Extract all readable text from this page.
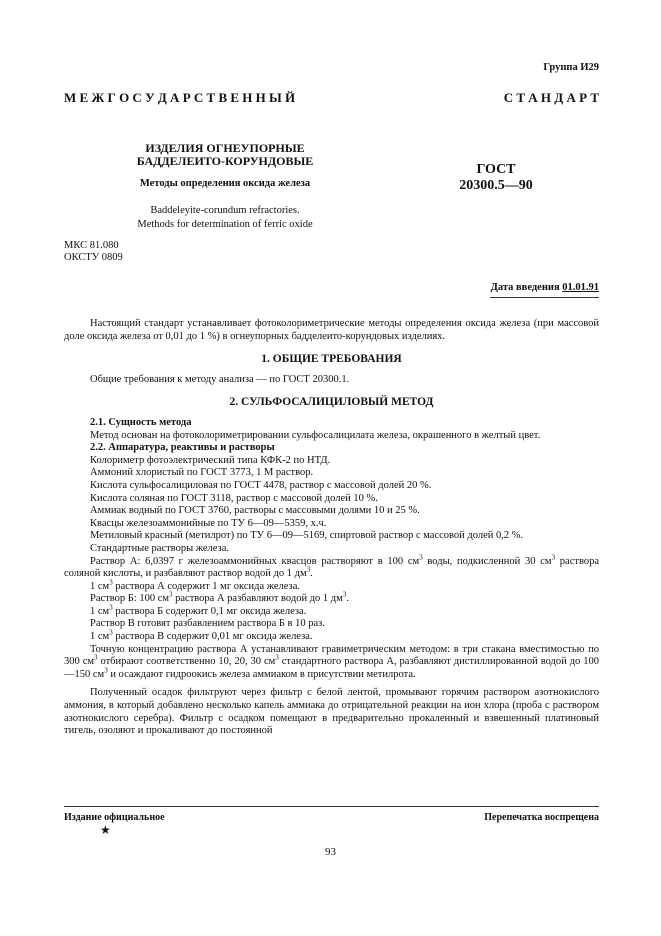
Группа И29
М Е Ж Г О С У Д А Р С Т В Е Н Н Ы Й	С Т А Н Д А Р Т
ИЗДЕЛИЯ ОГНЕУПОРНЫЕ
БАДДЕЛЕИТО-КОРУНДОВЫЕ
Методы определения оксида железа
Baddeleyite-corundum refractories.
Methods for determination of ferric oxide
ГОСТ
20300.5—90
МКС 81.080
ОКСТУ 0809
Дата введения 01.01.91

Настоящий стандарт устанавливает фотоколориметрические методы определения оксида железа (при массовой доле оксида железа от 0,01 до 1 %) в огнеупорных бадделеито-корундовых изделиях.

1. ОБЩИЕ ТРЕБОВАНИЯ

Общие требования к методу анализа — по ГОСТ 20300.1.

2. СУЛЬФОСАЛИЦИЛОВЫЙ МЕТОД

2.1. Сущность метода

Метод основан на фотоколориметрировании сульфосалицилата железа, окрашенного в желтый цвет.

2.2. Аппаратура, реактивы и растворы

Колориметр фотоэлектрический типа КФК-2 по НТД.

Аммоний хлористый по ГОСТ 3773, 1 М раствор.

Кислота сульфосалициловая по ГОСТ 4478, раствор с массовой долей 20 %.

Кислота соляная по ГОСТ 3118, раствор с массовой долей 10 %.

Аммиак водный по ГОСТ 3760, растворы с массовыми долями 10 и 25 %.

Квасцы железоаммонийные по ТУ 6—09—5359, х.ч.

Метиловый красный (метилрот) по ТУ 6—09—5169, спиртовой раствор с массовой долей 0,2 %.

Стандартные растворы железа.

Раствор А: 6,0397 г железоаммонийных квасцов растворяют в 100 $см^3$ воды, подкисленной 30 $см^3$ раствора соляной кислоты, и разбавляют раствор водой до 1 $дм^3$.

1 $см^3$ раствора А содержит 1 мг оксида железа.

Раствор Б: 100 $см^3$ раствора А разбавляют водой до 1 $дм^3$.

1 $см^3$ раствора Б содержит 0,1 мг оксида железа.

Раствор В готовят разбавлением раствора Б в 10 раз.

1 $см^3$ раствора В содержит 0,01 мг оксида железа.

Точную концентрацию раствора А устанавливают гравиметрическим методом: в три стакана вместимостью по 300 $см^3$ отбирают соответственно 10, 20, 30 $см^3$ стандартного раствора А, разбавляют дистиллированной водой до 100—150 $см^3$ и осаждают гидроокись железа аммиаком в присутствии метилрота.

Полученный осадок фильтруют через фильтр с белой лентой, промывают горячим раствором азотнокислого аммония, в который добавлено несколько капель аммиака до отрицательной реакции на ион хлора (проба с раствором азотнокислого серебра). Фильтр с осадком помещают в предварительно прокаленный и взвешенный платиновый тигель, озоляют и прокаливают до постоянной

Издание официальное	Перепечатка воспрещена
★
93
